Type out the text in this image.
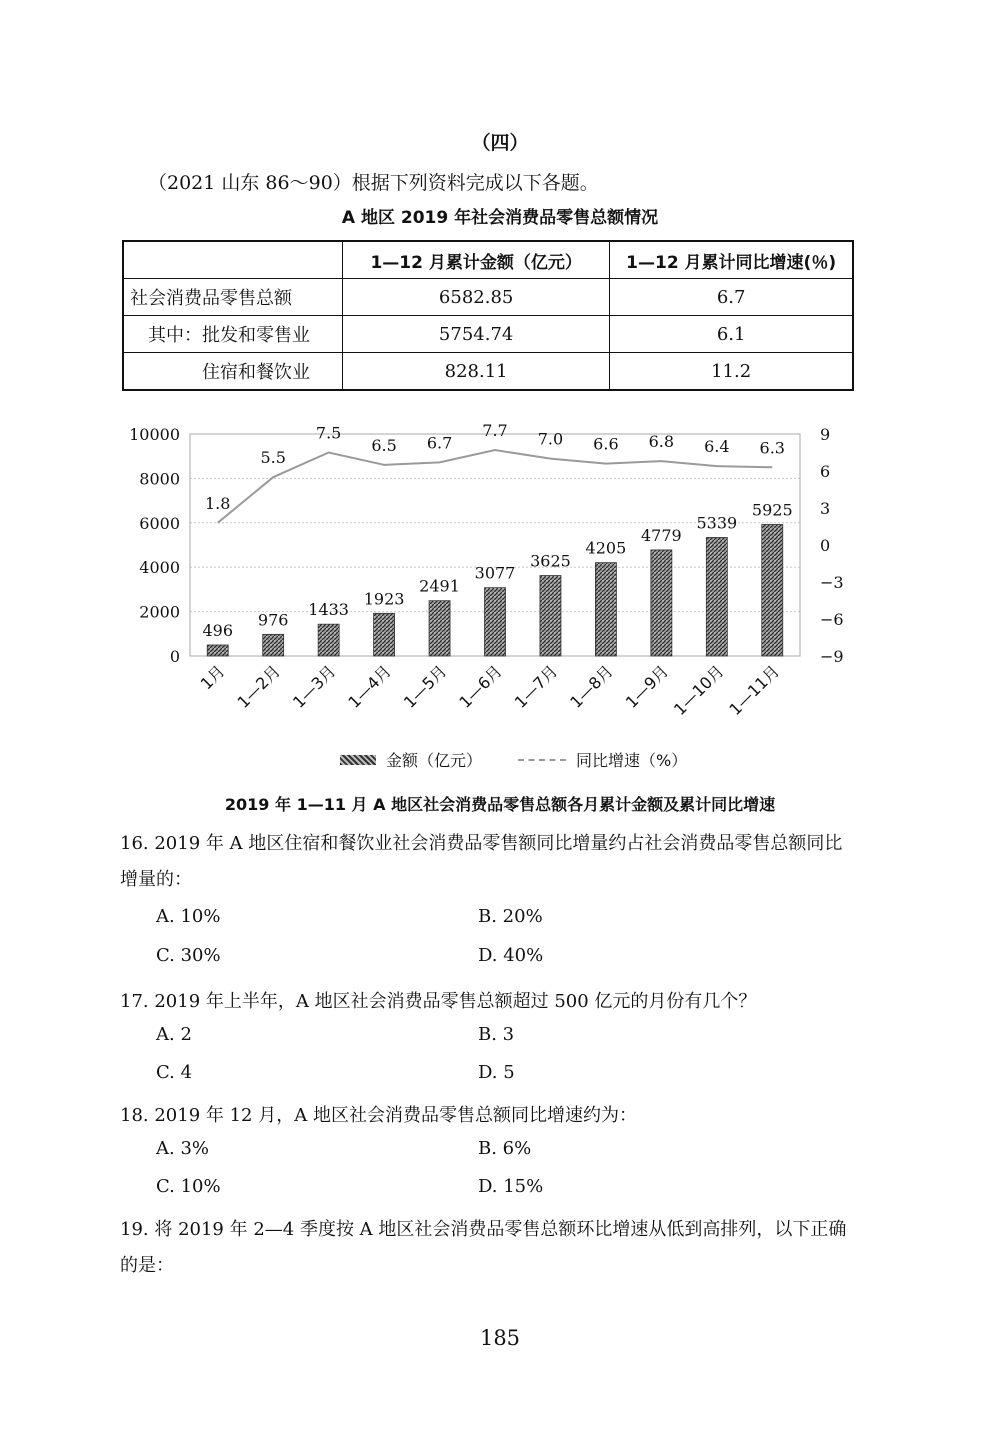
（四）
（2021 山东 86～90）根据下列资料完成以下各题。
A 地区 2019 年社会消费品零售总额情况
	1—12 月累计金额（亿元）	1—12 月累计同比增速(％)
社会消费品零售总额	6582.85	6.7
其中：批发和零售业	5754.74	6.1
住宿和餐饮业	828.11	11.2
0
2000
4000
6000
8000
10000	9
6
3
0
−3
−6
−9
496
976
1433
1923
2491
3077
3625
4205
4779
5339
5925
1.8
5.5
7.5
6.5 6.7
7.7 7.0 6.6 6.8 6.4 6.3
1月 1—2月 1—3月 1—4月 1—5月 1—6月 1—7月 1—8月 1—9月
1—10月
1—11月
金额（亿元）	同比增速（%）
2019 年 1—11 月 A 地区社会消费品零售总额各月累计金额及累计同比增速
16. 2019 年 A 地区住宿和餐饮业社会消费品零售额同比增量约占社会消费品零售总额同比增量的：
A. 10%	B. 20%
C. 30%	D. 40%
17. 2019 年上半年，A 地区社会消费品零售总额超过 500 亿元的月份有几个？
A. 2	B. 3
C. 4	D. 5
18. 2019 年 12 月，A 地区社会消费品零售总额同比增速约为：
A. 3%	B. 6%
C. 10%	D. 15%
19. 将 2019 年 2—4 季度按 A 地区社会消费品零售总额环比增速从低到高排列，以下正确的是：
185
